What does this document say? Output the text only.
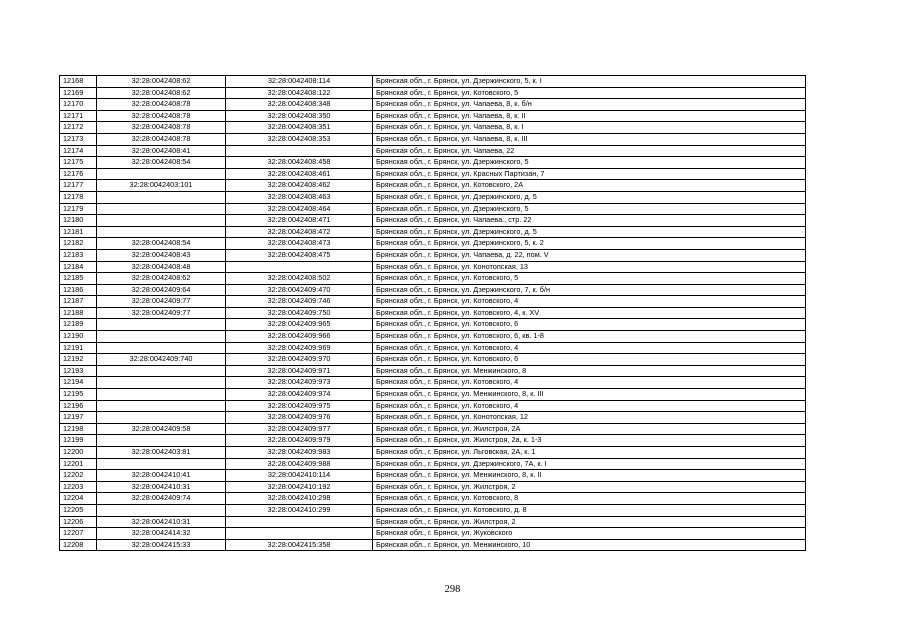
12168	32:28:0042408:62	32:28:0042408:114	Брянская обл., г. Брянск, ул. Дзержинского, 5, к. I
12169	32:28:0042408:62	32:28:0042408:122	Брянская обл., г. Брянск, ул. Котовского, 5
12170	32:28:0042408:78	32:28:0042408:348	Брянская обл., г. Брянск, ул. Чапаева, 8, к. б/н
12171	32:28:0042408:78	32:28:0042408:350	Брянская обл., г. Брянск, ул. Чапаева, 8, к. II
12172	32:28:0042408:78	32:28:0042408:351	Брянская обл., г. Брянск, ул. Чапаева, 8, к. I
12173	32:28:0042408:78	32:28:0042408:353	Брянская обл., г. Брянск, ул. Чапаева, 8, к. III
12174	32:28:0042408:41		Брянская обл., г. Брянск, ул. Чапаева, 22
12175	32:28:0042408:54	32:28:0042408:458	Брянская обл., г. Брянск, ул. Дзержинского, 5
12176		32:28:0042408:461	Брянская обл., г. Брянск, ул. Красных Партизан, 7
12177	32:28:0042403:101	32:28:0042408:462	Брянская обл., г. Брянск, ул. Котовского, 2А
12178		32:28:0042408:463	Брянская обл., г. Брянск, ул. Дзержинского, д. 5
12179		32:28:0042408:464	Брянская обл., г. Брянск, ул. Дзержинского, 5
12180		32:28:0042408:471	Брянская обл., г. Брянск, ул. Чапаева., стр. 22
12181		32:28:0042408:472	Брянская обл., г. Брянск, ул. Дзержинского, д. 5
12182	32:28:0042408:54	32:28:0042408:473	Брянская обл., г. Брянск, ул. Дзержинского, 5, к. 2
12183	32:28:0042408:43	32:28:0042408:475	Брянская обл., г. Брянск, ул. Чапаева, д. 22, пом. V
12184	32:28:0042408:48		Брянская обл., г. Брянск, ул. Конотопская, 13
12185	32:28:0042408:62	32:28:0042408:502	Брянская обл., г. Брянск, ул. Котовского, 5
12186	32:28:0042409:64	32:28:0042409:470	Брянская обл., г. Брянск, ул. Дзержинского, 7, к. б/н
12187	32:28:0042409:77	32:28:0042409:746	Брянская обл., г. Брянск, ул. Котовского, 4
12188	32:28:0042409:77	32:28:0042409:750	Брянская обл., г. Брянск, ул. Котовского, 4, к. XV
12189		32:28:0042409:965	Брянская обл., г. Брянск, ул. Котовского, 6
12190		32:28:0042409:966	Брянская обл., г. Брянск, ул. Котовского, 6, кв. 1-8
12191		32:28:0042409:969	Брянская обл., г. Брянск, ул. Котовского, 4
12192	32:28:0042409:740	32:28:0042409:970	Брянская обл., г. Брянск, ул. Котовского, 6
12193		32:28:0042409:971	Брянская обл., г. Брянск, ул. Менжинского, 8
12194		32:28:0042409:973	Брянская обл., г. Брянск, ул. Котовского, 4
12195		32:28:0042409:974	Брянская обл., г. Брянск, ул. Менжинского, 8, к. III
12196		32:28:0042409:975	Брянская обл., г. Брянск, ул. Котовского, 4
12197		32:28:0042409:976	Брянская обл., г. Брянск, ул. Конотопская, 12
12198	32:28:0042409:58	32:28:0042409:977	Брянская обл., г. Брянск, ул. Жилстроя, 2А
12199		32:28:0042409:979	Брянская обл., г. Брянск, ул. Жилстроя, 2а, к. 1-3
12200	32:28:0042403:81	32:28:0042409:983	Брянская обл., г. Брянск, ул. Льговская, 2А, к. 1
12201		32:28:0042409:988	Брянская обл., г. Брянск, ул. Дзержинского, 7А, к. I
12202	32:28:0042410:41	32:28:0042410:114	Брянская обл., г. Брянск, ул. Менжинского, 8, к. II
12203	32:28:0042410:31	32:28:0042410:192	Брянская обл., г. Брянск, ул. Жилстроя, 2
12204	32:28:0042409:74	32:28:0042410:298	Брянская обл., г. Брянск, ул. Котовского, 8
12205		32:28:0042410:299	Брянская обл., г. Брянск, ул. Котовского, д. 8
12206	32:28:0042410:31		Брянская обл., г. Брянск, ул. Жилстроя, 2
12207	32:28:0042414:32		Брянская обл., г. Брянск, ул. Жуковского
12208	32:28:0042415:33	32:28:0042415:358	Брянская обл., г. Брянск, ул. Менжинского, 10
298
